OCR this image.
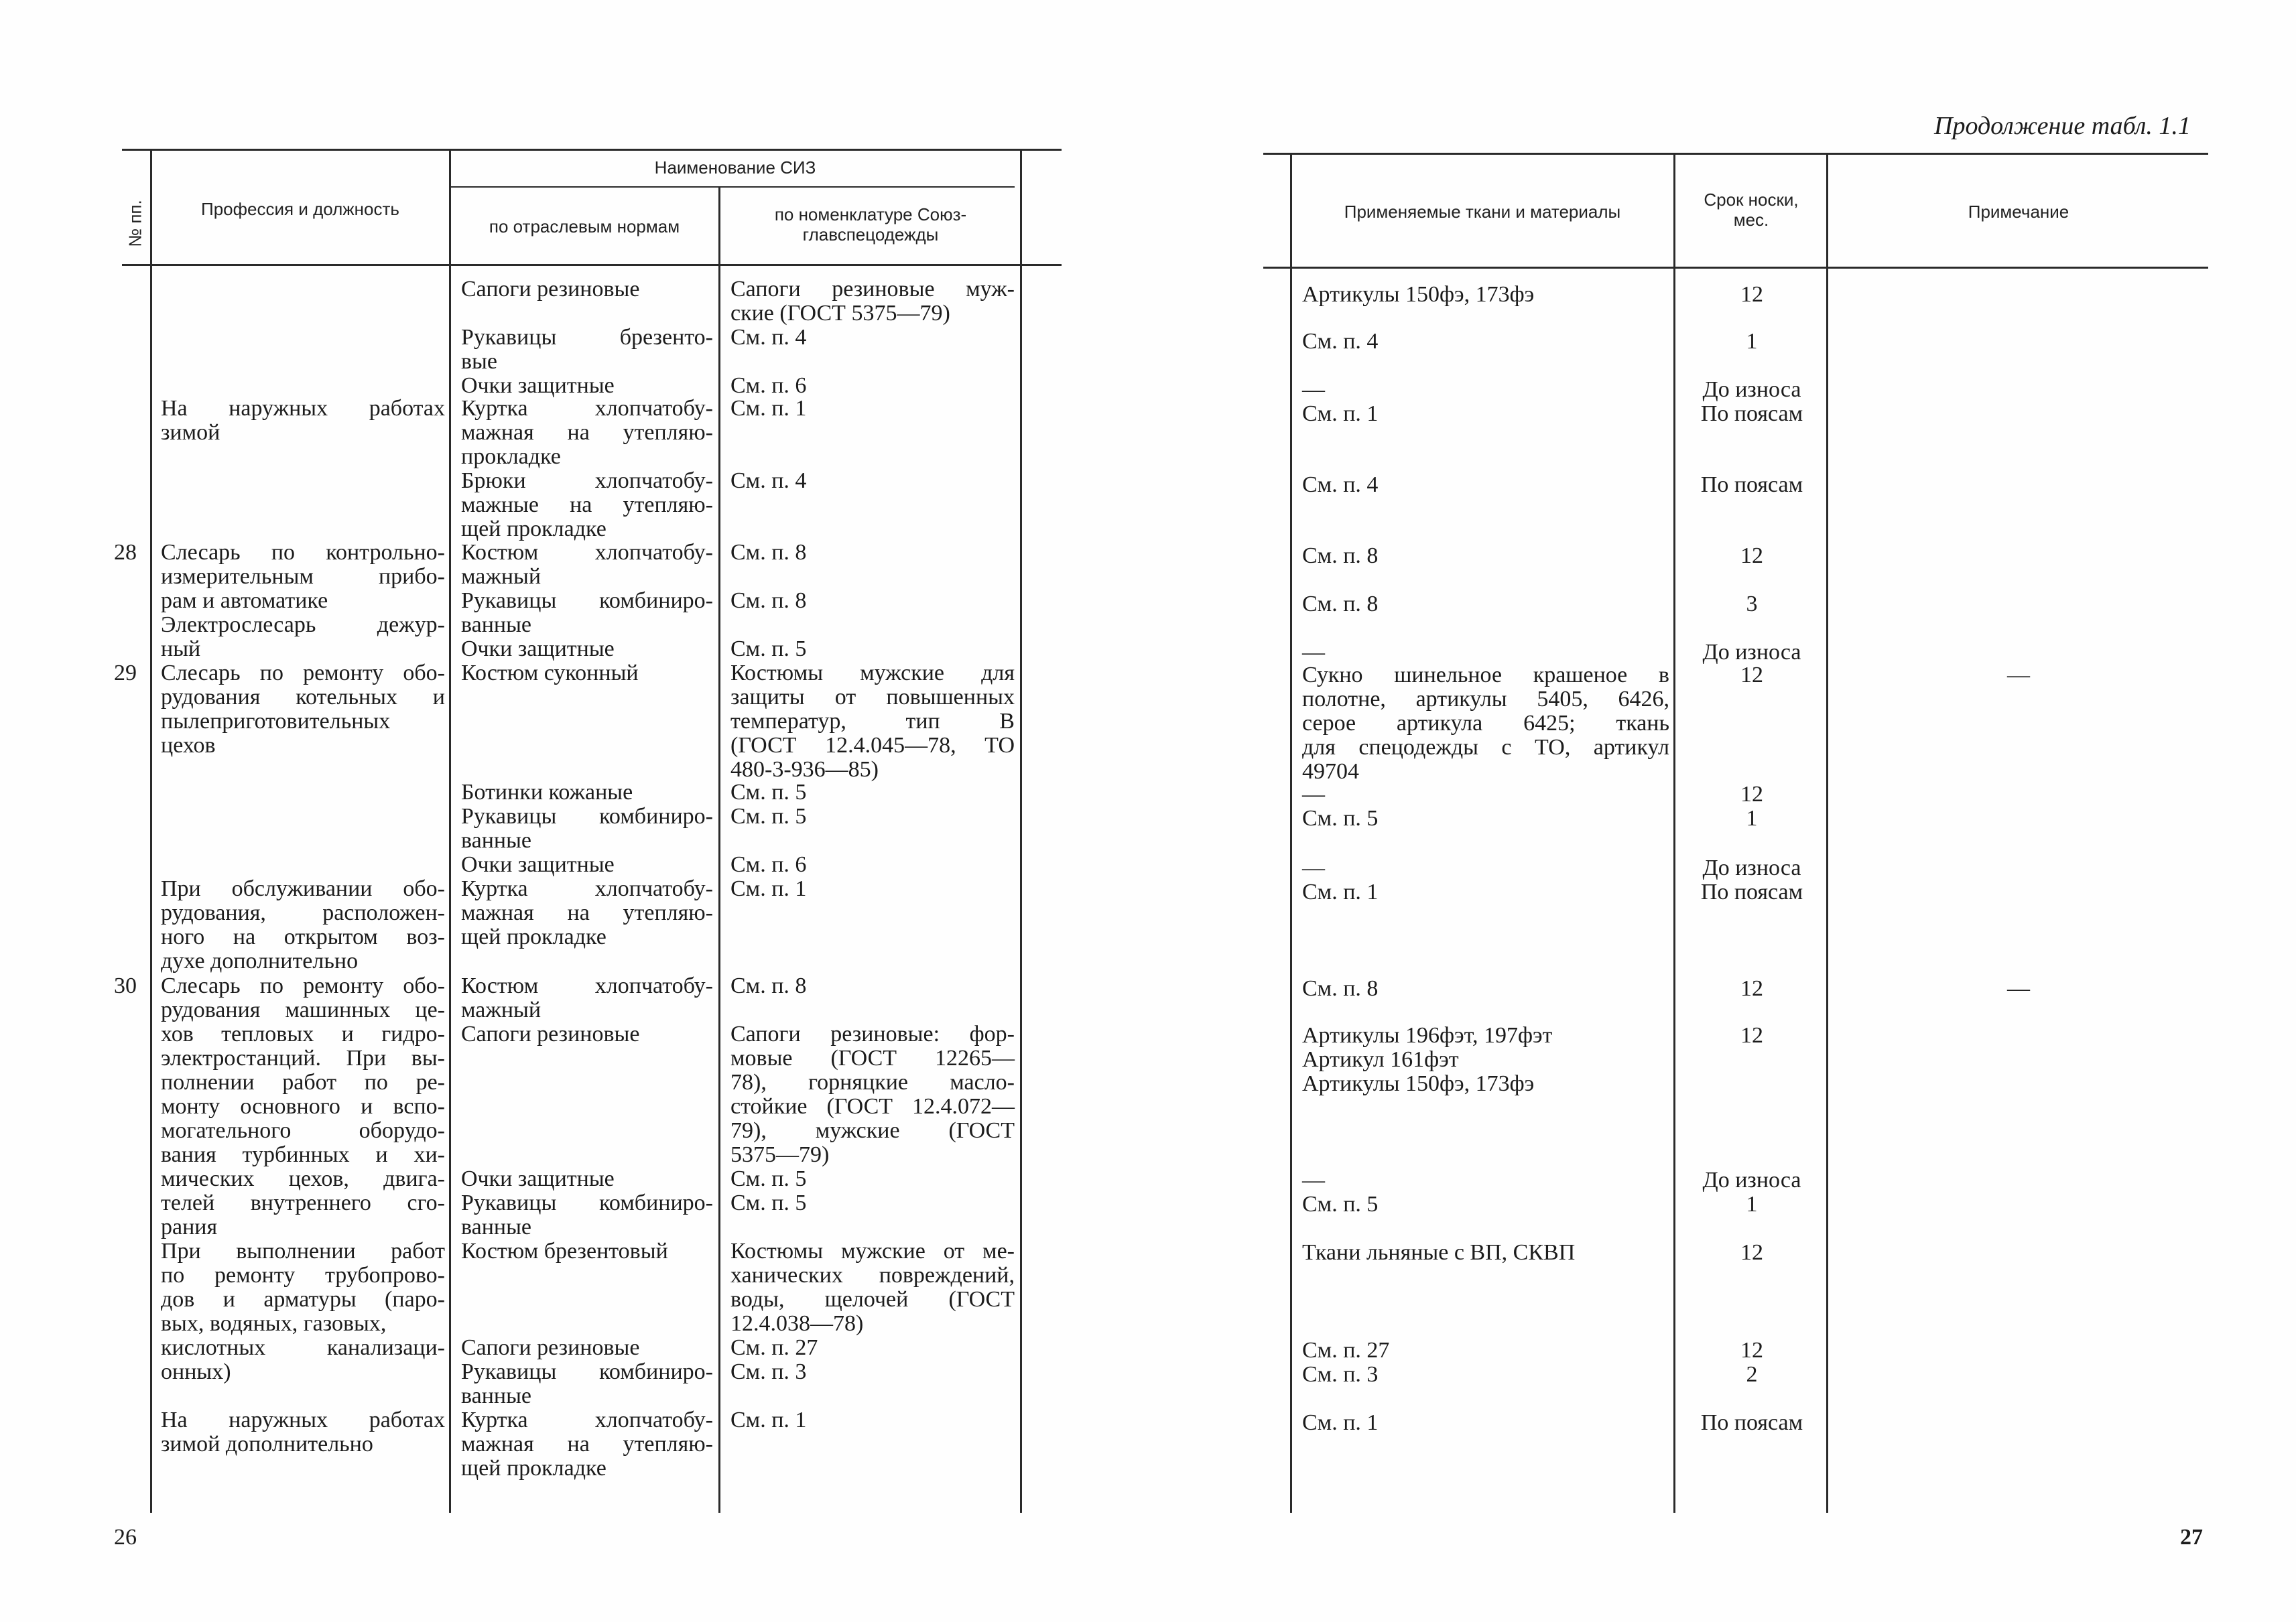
№ пп.	Профессия и должность
Наименование СИЗ
по отраслевым нормам
по номенклатуре Союз-
главспецодежды
28
29
30
На наружных работах
зимой
Слесарь по контрольно-
измерительным прибо-
рам и автоматике
Электрослесарь дежур-
ный
Слесарь по ремонту обо-
рудования котельных и
пылеприготовительных
цехов
При обслуживании обо-
рудования, расположен-
ного на открытом воз-
духе дополнительно
Слесарь по ремонту обо-
рудования машинных це-
хов тепловых и гидро-
электростанций. При вы-
полнении работ по ре-
монту основного и вспо-
могательного оборудо-
вания турбинных и хи-
мических цехов, двига-
телей внутреннего сго-
рания
При выполнении работ
по ремонту трубопрово-
дов и арматуры (паро-
вых, водяных, газовых,
кислотных канализаци-
онных)
На наружных работах
зимой дополнительно
Сапоги резиновые
Рукавицы брезенто-
вые
Очки защитные
Куртка хлопчатобу-
мажная на утепляю-
прокладке
Брюки хлопчатобу-
мажные на утепляю-
щей прокладке
Костюм хлопчатобу-
мажный
Рукавицы комбиниро-
ванные
Очки защитные
Костюм суконный
Ботинки кожаные
Рукавицы комбиниро-
ванные
Очки защитные
Куртка хлопчатобу-
мажная на утепляю-
щей прокладке
Костюм хлопчатобу-
мажный
Сапоги резиновые
Очки защитные
Рукавицы комбиниро-
ванные
Костюм брезентовый
Сапоги резиновые
Рукавицы комбиниро-
ванные
Куртка хлопчатобу-
мажная на утепляю-
щей прокладке
Сапоги резиновые муж-
ские (ГОСТ 5375—79)
См. п. 4
См. п. 6
См. п. 1
См. п. 4
См. п. 8
См. п. 8
См. п. 5
Костюмы мужские для
защиты от повышенных
температур, тип В
(ГОСТ 12.4.045—78, ТО
480-3-936—85)
См. п. 5
См. п. 5
См. п. 6
См. п. 1
См. п. 8
Сапоги резиновые: фор-
мовые (ГОСТ 12265—
78), горняцкие масло-
стойкие (ГОСТ 12.4.072—
79), мужские (ГОСТ
5375—79)
См. п. 5
См. п. 5
Костюмы мужские от ме-
ханических повреждений,
воды, щелочей (ГОСТ
12.4.038—78)
См. п. 27
См. п. 3
См. п. 1
26
Продолжение табл. 1.1
Применяемые ткани и материалы
Срок носки,
мес.	Примечание
Артикулы 150фэ, 173фэ
См. п. 4
—
См. п. 1
См. п. 4
См. п. 8
См. п. 8
—
Сукно шинельное крашеное в
полотне, артикулы 5405, 6426,
серое артикула 6425; ткань
для спецодежды с ТО, артикул
49704
—
См. п. 5
—
См. п. 1
См. п. 8
Артикулы 196фэт, 197фэт
Артикул 161фэт
Артикулы 150фэ, 173фэ
—
См. п. 5
Ткани льняные с ВП, СКВП
См. п. 27
См. п. 3
См. п. 1
12
1
До износа
По поясам
По поясам
12
3
До износа
12
12
1
До износа
По поясам
12
12
До износа
1
12
12
2
По поясам
—
—
27
